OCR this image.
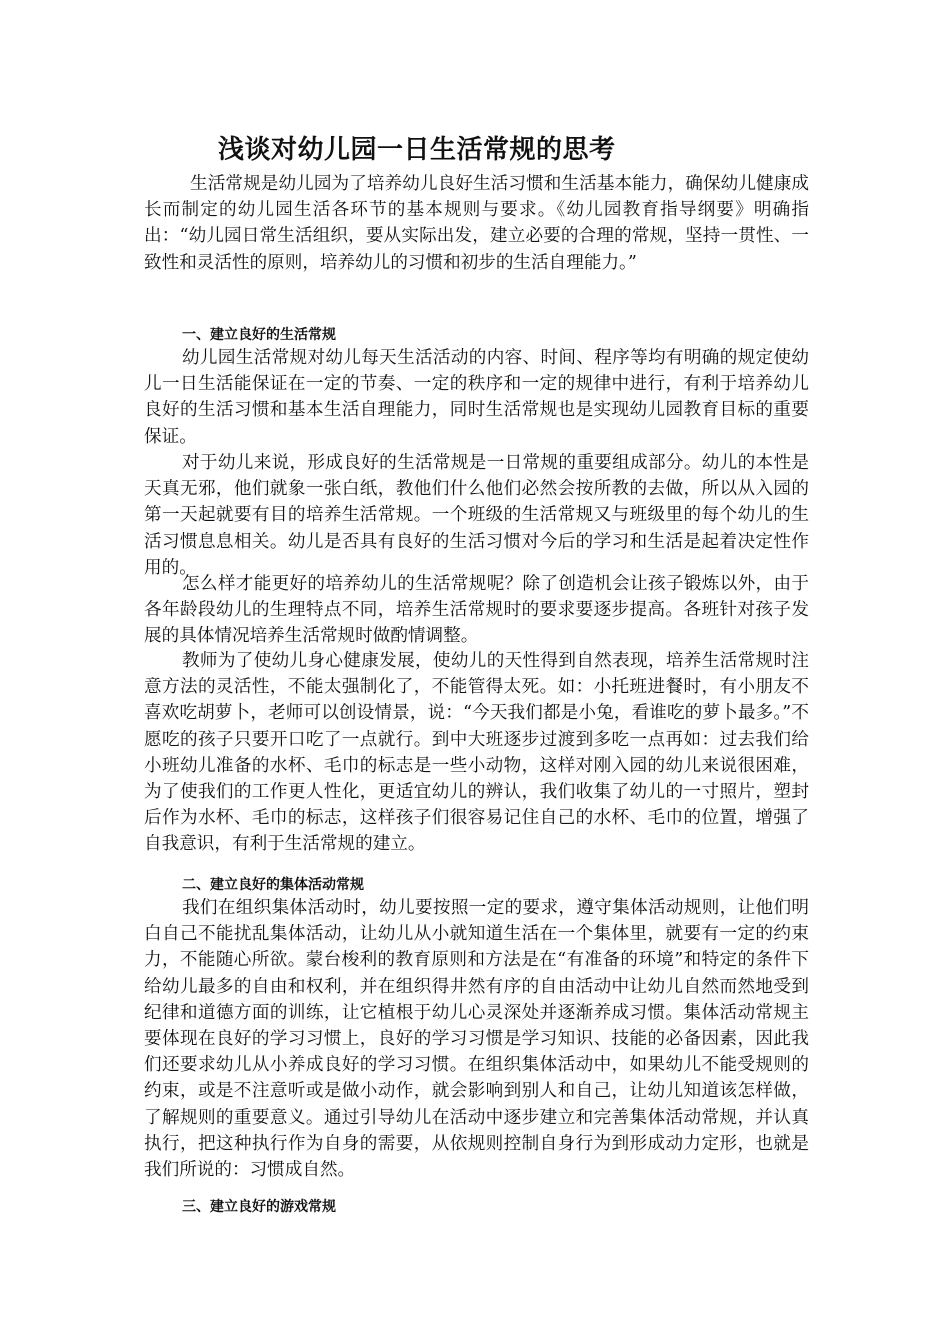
浅谈对幼儿园一日生活常规的思考

生活常规是幼儿园为了培养幼儿良好生活习惯和生活基本能力，确保幼儿健康成长而制定的幼儿园生活各环节的基本规则与要求。《幼儿园教育指导纲要》明确指出：“幼儿园日常生活组织，要从实际出发，建立必要的合理的常规，坚持一贯性、一致性和灵活性的原则，培养幼儿的习惯和初步的生活自理能力。”

一、建立良好的生活常规

幼儿园生活常规对幼儿每天生活活动的内容、时间、程序等均有明确的规定使幼儿一日生活能保证在一定的节奏、一定的秩序和一定的规律中进行，有利于培养幼儿良好的生活习惯和基本生活自理能力，同时生活常规也是实现幼儿园教育目标的重要保证。

对于幼儿来说，形成良好的生活常规是一日常规的重要组成部分。幼儿的本性是天真无邪，他们就象一张白纸，教他们什么他们必然会按所教的去做，所以从入园的第一天起就要有目的培养生活常规。一个班级的生活常规又与班级里的每个幼儿的生活习惯息息相关。幼儿是否具有良好的生活习惯对今后的学习和生活是起着决定性作用的。

怎么样才能更好的培养幼儿的生活常规呢？除了创造机会让孩子锻炼以外，由于各年龄段幼儿的生理特点不同，培养生活常规时的要求要逐步提高。各班针对孩子发展的具体情况培养生活常规时做酌情调整。

教师为了使幼儿身心健康发展，使幼儿的天性得到自然表现，培养生活常规时注意方法的灵活性，不能太强制化了，不能管得太死。如：小托班进餐时，有小朋友不喜欢吃胡萝卜，老师可以创设情景，说：“今天我们都是小兔，看谁吃的萝卜最多。”不愿吃的孩子只要开口吃了一点就行。到中大班逐步过渡到多吃一点再如：过去我们给小班幼儿准备的水杯、毛巾的标志是一些小动物，这样对刚入园的幼儿来说很困难，为了使我们的工作更人性化，更适宜幼儿的辨认，我们收集了幼儿的一寸照片，塑封后作为水杯、毛巾的标志，这样孩子们很容易记住自己的水杯、毛巾的位置，增强了自我意识，有利于生活常规的建立。

二、建立良好的集体活动常规

我们在组织集体活动时，幼儿要按照一定的要求，遵守集体活动规则，让他们明白自己不能扰乱集体活动，让幼儿从小就知道生活在一个集体里，就要有一定的约束力，不能随心所欲。蒙台梭利的教育原则和方法是在“有准备的环境”和特定的条件下给幼儿最多的自由和权利，并在组织得井然有序的自由活动中让幼儿自然而然地受到纪律和道德方面的训练，让它植根于幼儿心灵深处并逐渐养成习惯。集体活动常规主要体现在良好的学习习惯上，良好的学习习惯是学习知识、技能的必备因素，因此我们还要求幼儿从小养成良好的学习习惯。在组织集体活动中，如果幼儿不能受规则的约束，或是不注意听或是做小动作，就会影响到别人和自己，让幼儿知道该怎样做，了解规则的重要意义。通过引导幼儿在活动中逐步建立和完善集体活动常规，并认真执行，把这种执行作为自身的需要，从依规则控制自身行为到形成动力定形，也就是我们所说的：习惯成自然。

三、建立良好的游戏常规
